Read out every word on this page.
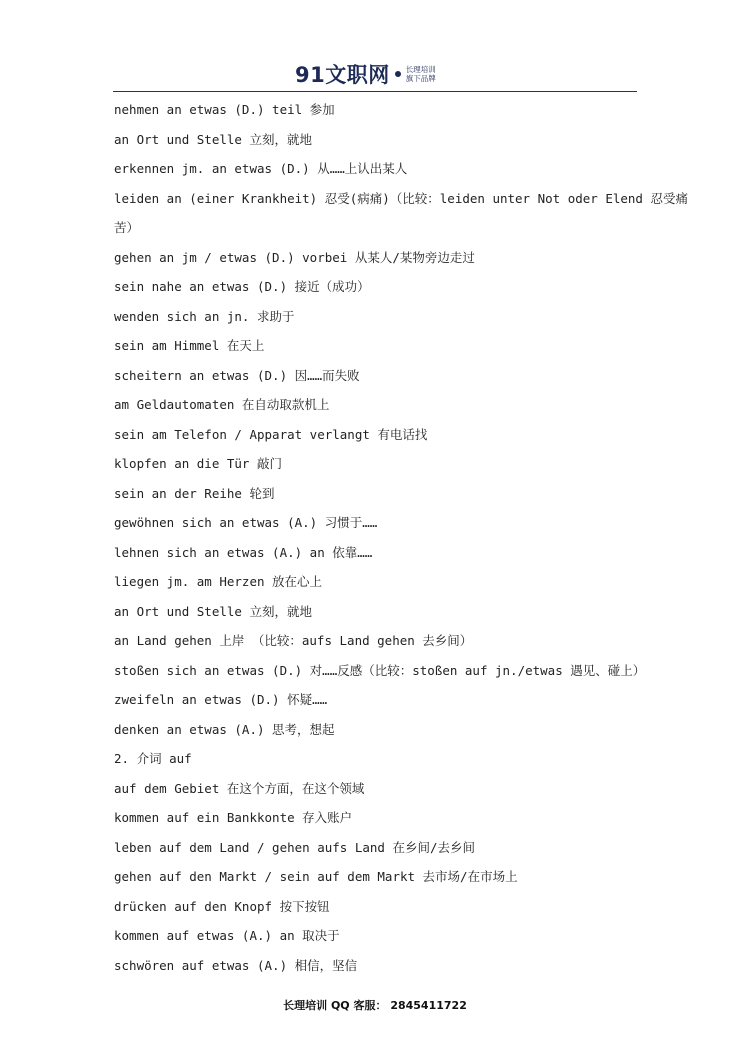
91文职网 长理培训
旗下品牌
nehmen an etwas (D.) teil 参加
an Ort und Stelle 立刻，就地
erkennen jm. an etwas (D.) 从……上认出某人
leiden an (einer Krankheit) 忍受(病痛)（比较：leiden unter Not oder Elend 忍受痛
苦）
gehen an jm / etwas (D.) vorbei 从某人/某物旁边走过
sein nahe an etwas (D.) 接近（成功）
wenden sich an jn. 求助于
sein am Himmel 在天上
scheitern an etwas (D.) 因……而失败
am Geldautomaten 在自动取款机上
sein am Telefon / Apparat verlangt 有电话找
klopfen an die Tür 敲门
sein an der Reihe 轮到
gewöhnen sich an etwas (A.) 习惯于……
lehnen sich an etwas (A.) an 依靠……
liegen jm. am Herzen 放在心上
an Ort und Stelle 立刻，就地
an Land gehen 上岸 （比较：aufs Land gehen 去乡间）
stoßen sich an etwas (D.) 对……反感（比较：stoßen auf jn./etwas 遇见、碰上）
zweifeln an etwas (D.) 怀疑……
denken an etwas (A.) 思考，想起
2. 介词 auf
auf dem Gebiet 在这个方面，在这个领域
kommen auf ein Bankkonte 存入账户
leben auf dem Land / gehen aufs Land 在乡间/去乡间
gehen auf den Markt / sein auf dem Markt 去市场/在市场上
drücken auf den Knopf 按下按钮
kommen auf etwas (A.) an 取决于
schwören auf etwas (A.) 相信，坚信
长理培训 QQ 客服： 2845411722
